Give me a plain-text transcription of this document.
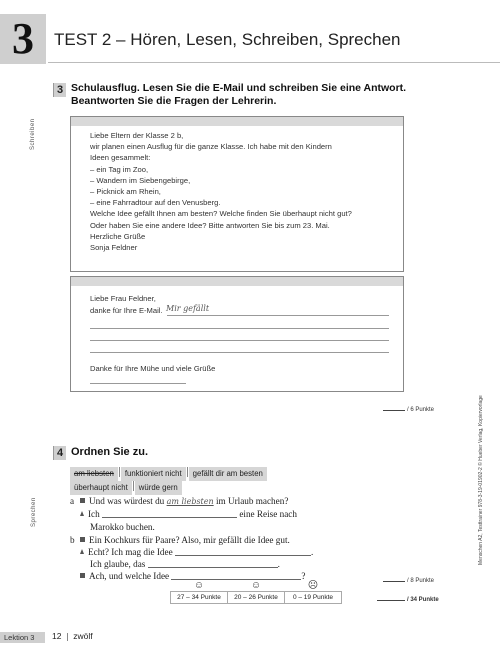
3	TEST 2 – Hören, Lesen, Schreiben, Sprechen
3 Schulausflug. Lesen Sie die E-Mail und schreiben Sie eine Antwort.
Beantworten Sie die Fragen der Lehrerin.
Schreiben	Liebe Eltern der Klasse 2 b,
wir planen einen Ausflug für die ganze Klasse. Ich habe mit den Kindern
Ideen gesammelt:
– ein Tag im Zoo,
– Wandern im Siebengebirge,
– Picknick am Rhein,
– eine Fahrradtour auf den Venusberg.
Welche Idee gefällt Ihnen am besten? Welche finden Sie überhaupt nicht gut?
Oder haben Sie eine andere Idee? Bitte antworten Sie bis zum 23. Mai.
Herzliche Grüße
Sonja Feldner
Liebe Frau Feldner,
danke für Ihre E-Mail. Mir gefällt
Danke für Ihre Mühe und viele Grüße
/ 6 Punkte
4 Ordnen Sie zu.
Sprechen
am liebsten funktioniert nicht gefällt dir am besten
überhaupt nicht würde gern
a Und was würdest du am liebsten im Urlaub machen?
Ich	eine Reise nach
Marokko buchen.
b Ein Kochkurs für Paare? Also, mir gefällt die Idee gut.
Echt? Ich mag die Idee	.
Ich glaube, das	.
Ach, und welche Idee	?
☺	☺	☹
27 – 34 Punkte	20 – 26 Punkte	0 – 19 Punkte
/ 8 Punkte
/ 34 Punkte
Menschen A2, Testtrainer 978-3-19-01902-2 © Hueber Verlag, Kopiervorlage
Lektion 3	12 zwölf
